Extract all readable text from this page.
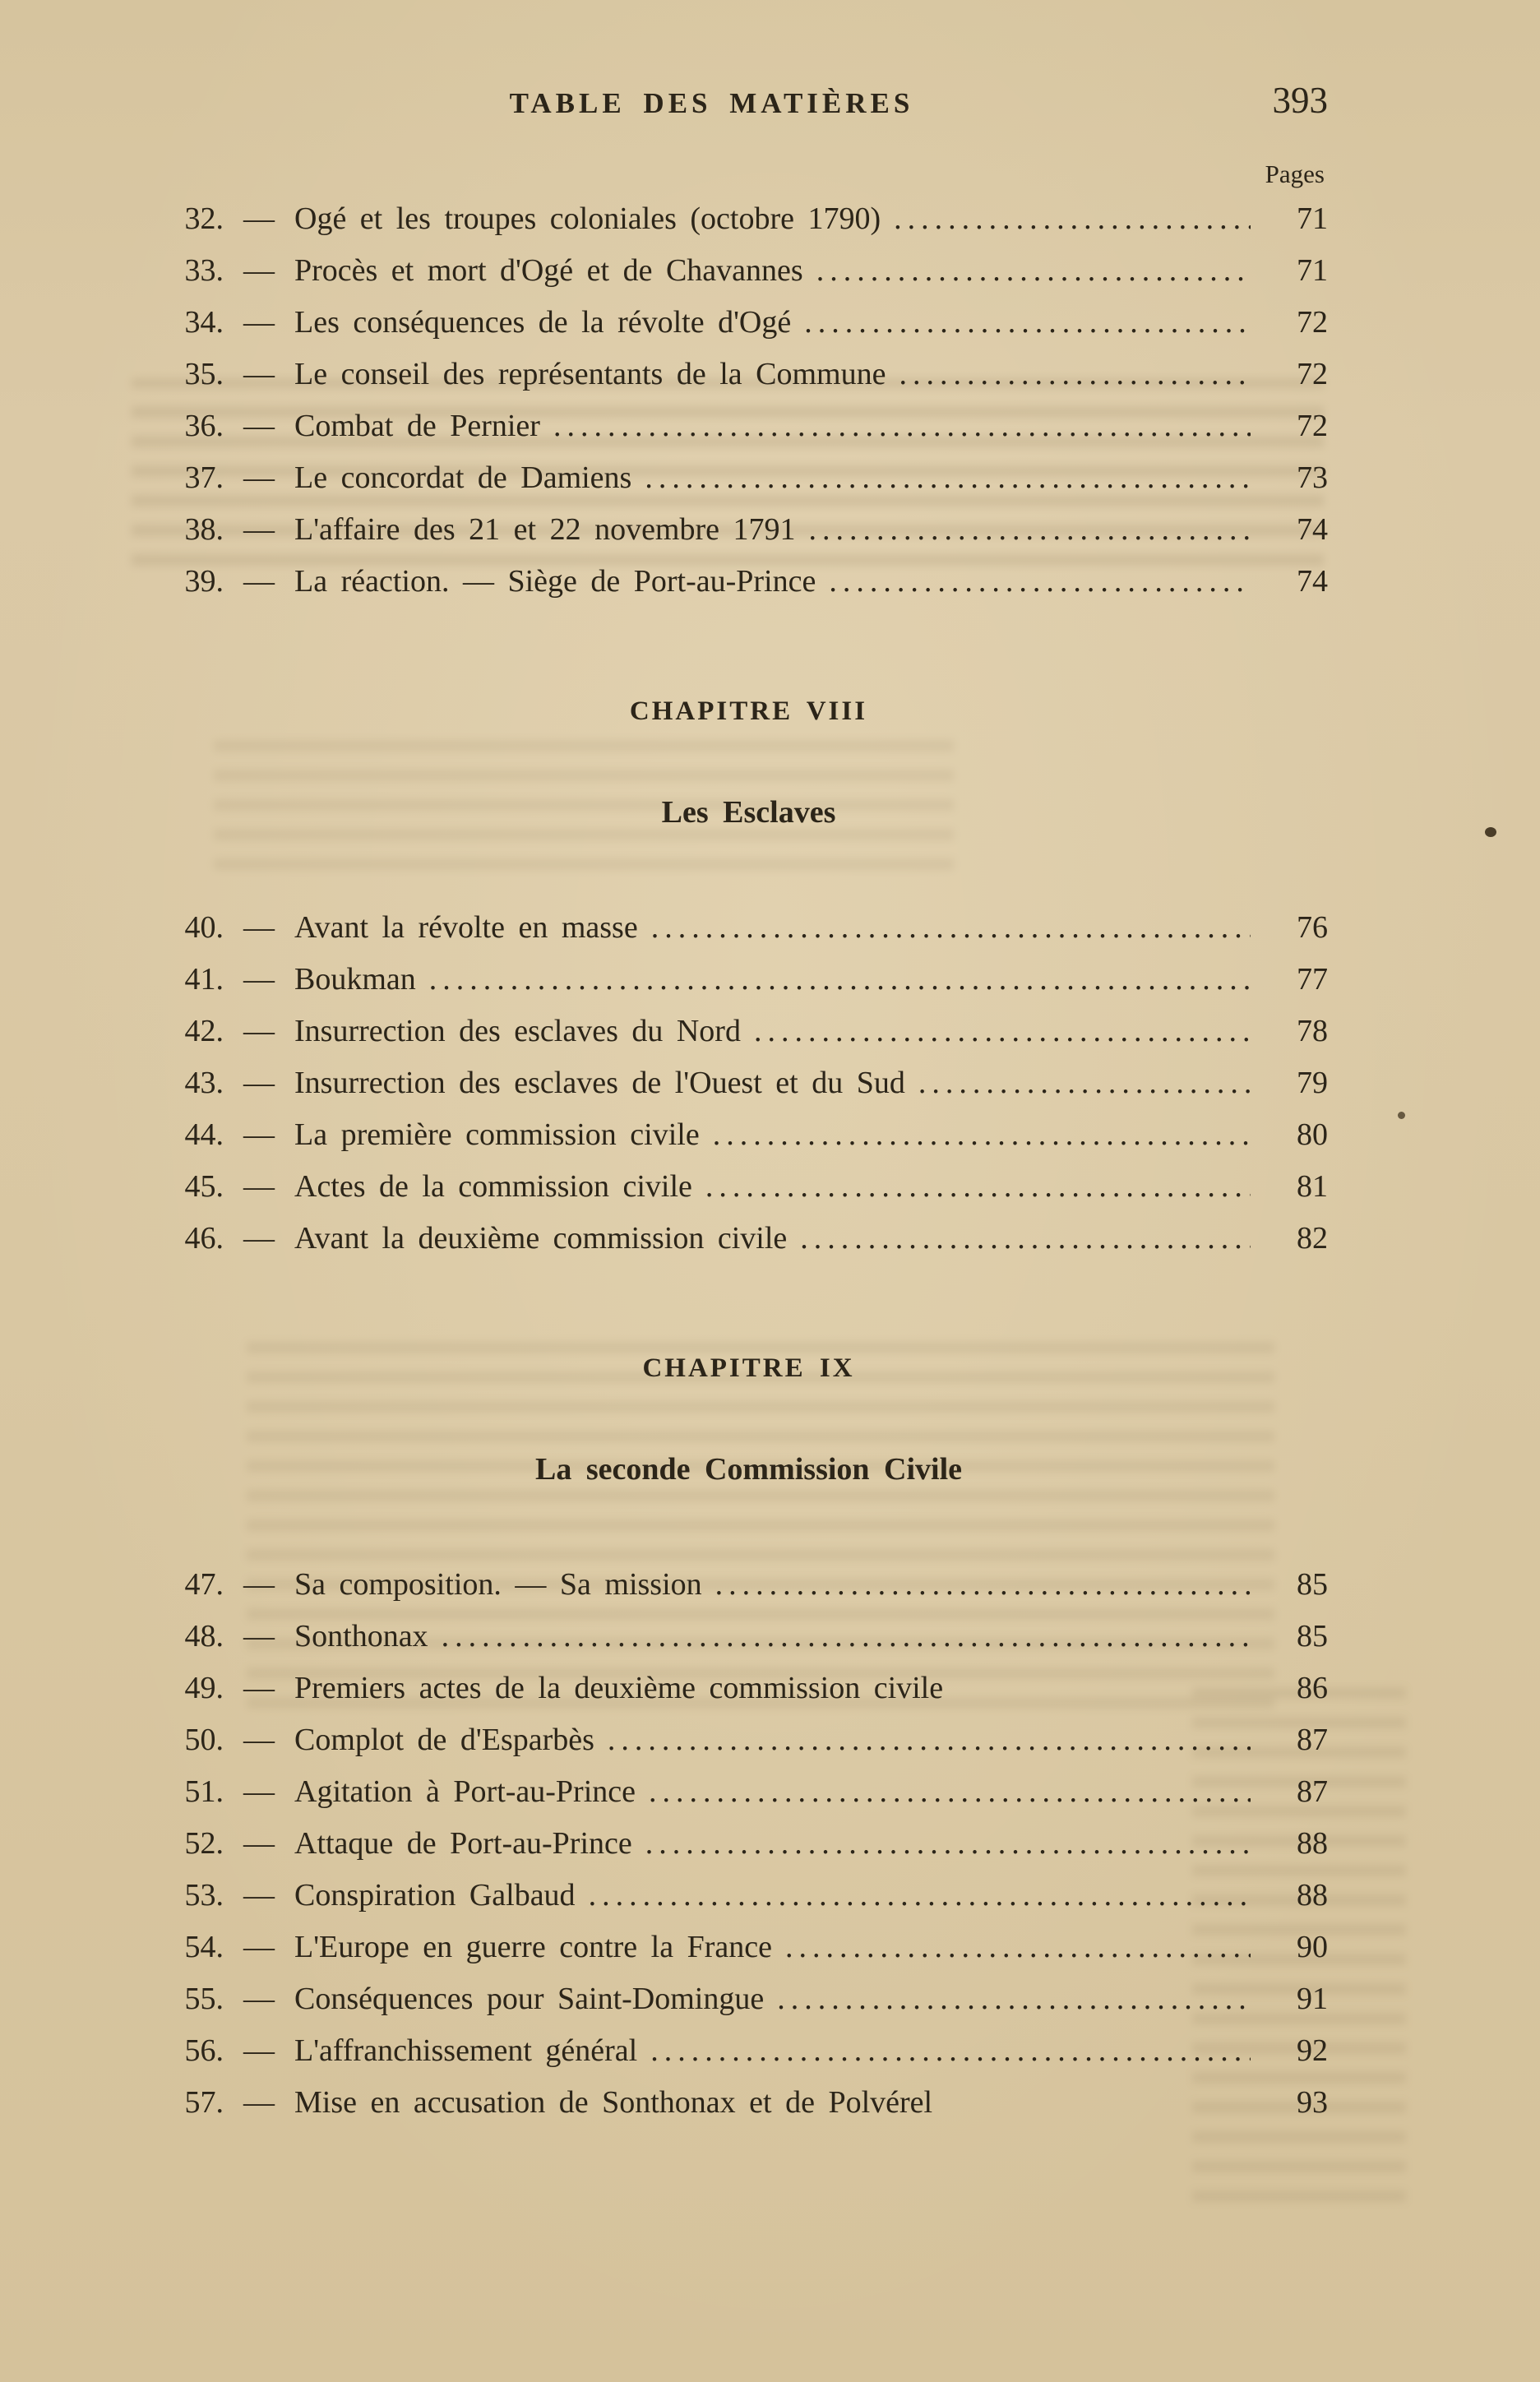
TABLE DES MATIÈRES	393
Pages
32. — Ogé et les troupes coloniales (octobre 1790) .....	71
33. — Procès et mort d'Ogé et de Chavannes .....	71
34. — Les conséquences de la révolte d'Ogé .....	72
35. — Le conseil des représentants de la Commune .....	72
36. — Combat de Pernier .....	72
37. — Le concordat de Damiens .....	73
38. — L'affaire des 21 et 22 novembre 1791 .....	74
39. — La réaction. — Siège de Port-au-Prince .....	74
CHAPITRE VIII
Les Esclaves
40. — Avant la révolte en masse .....	76
41. — Boukman .....	77
42. — Insurrection des esclaves du Nord .....	78
43. — Insurrection des esclaves de l'Ouest et du Sud .....	79
44. — La première commission civile .....	80
45. — Actes de la commission civile .....	81
46. — Avant la deuxième commission civile .....	82
CHAPITRE IX
La seconde Commission Civile
47. — Sa composition. — Sa mission .....	85
48. — Sonthonax .....	85
49. — Premiers actes de la deuxième commission civile	86
50. — Complot de d'Esparbès .....	87
51. — Agitation à Port-au-Prince .....	87
52. — Attaque de Port-au-Prince .....	88
53. — Conspiration Galbaud .....	88
54. — L'Europe en guerre contre la France .....	90
55. — Conséquences pour Saint-Domingue .....	91
56. — L'affranchissement général .....	92
57. — Mise en accusation de Sonthonax et de Polvérel	93
